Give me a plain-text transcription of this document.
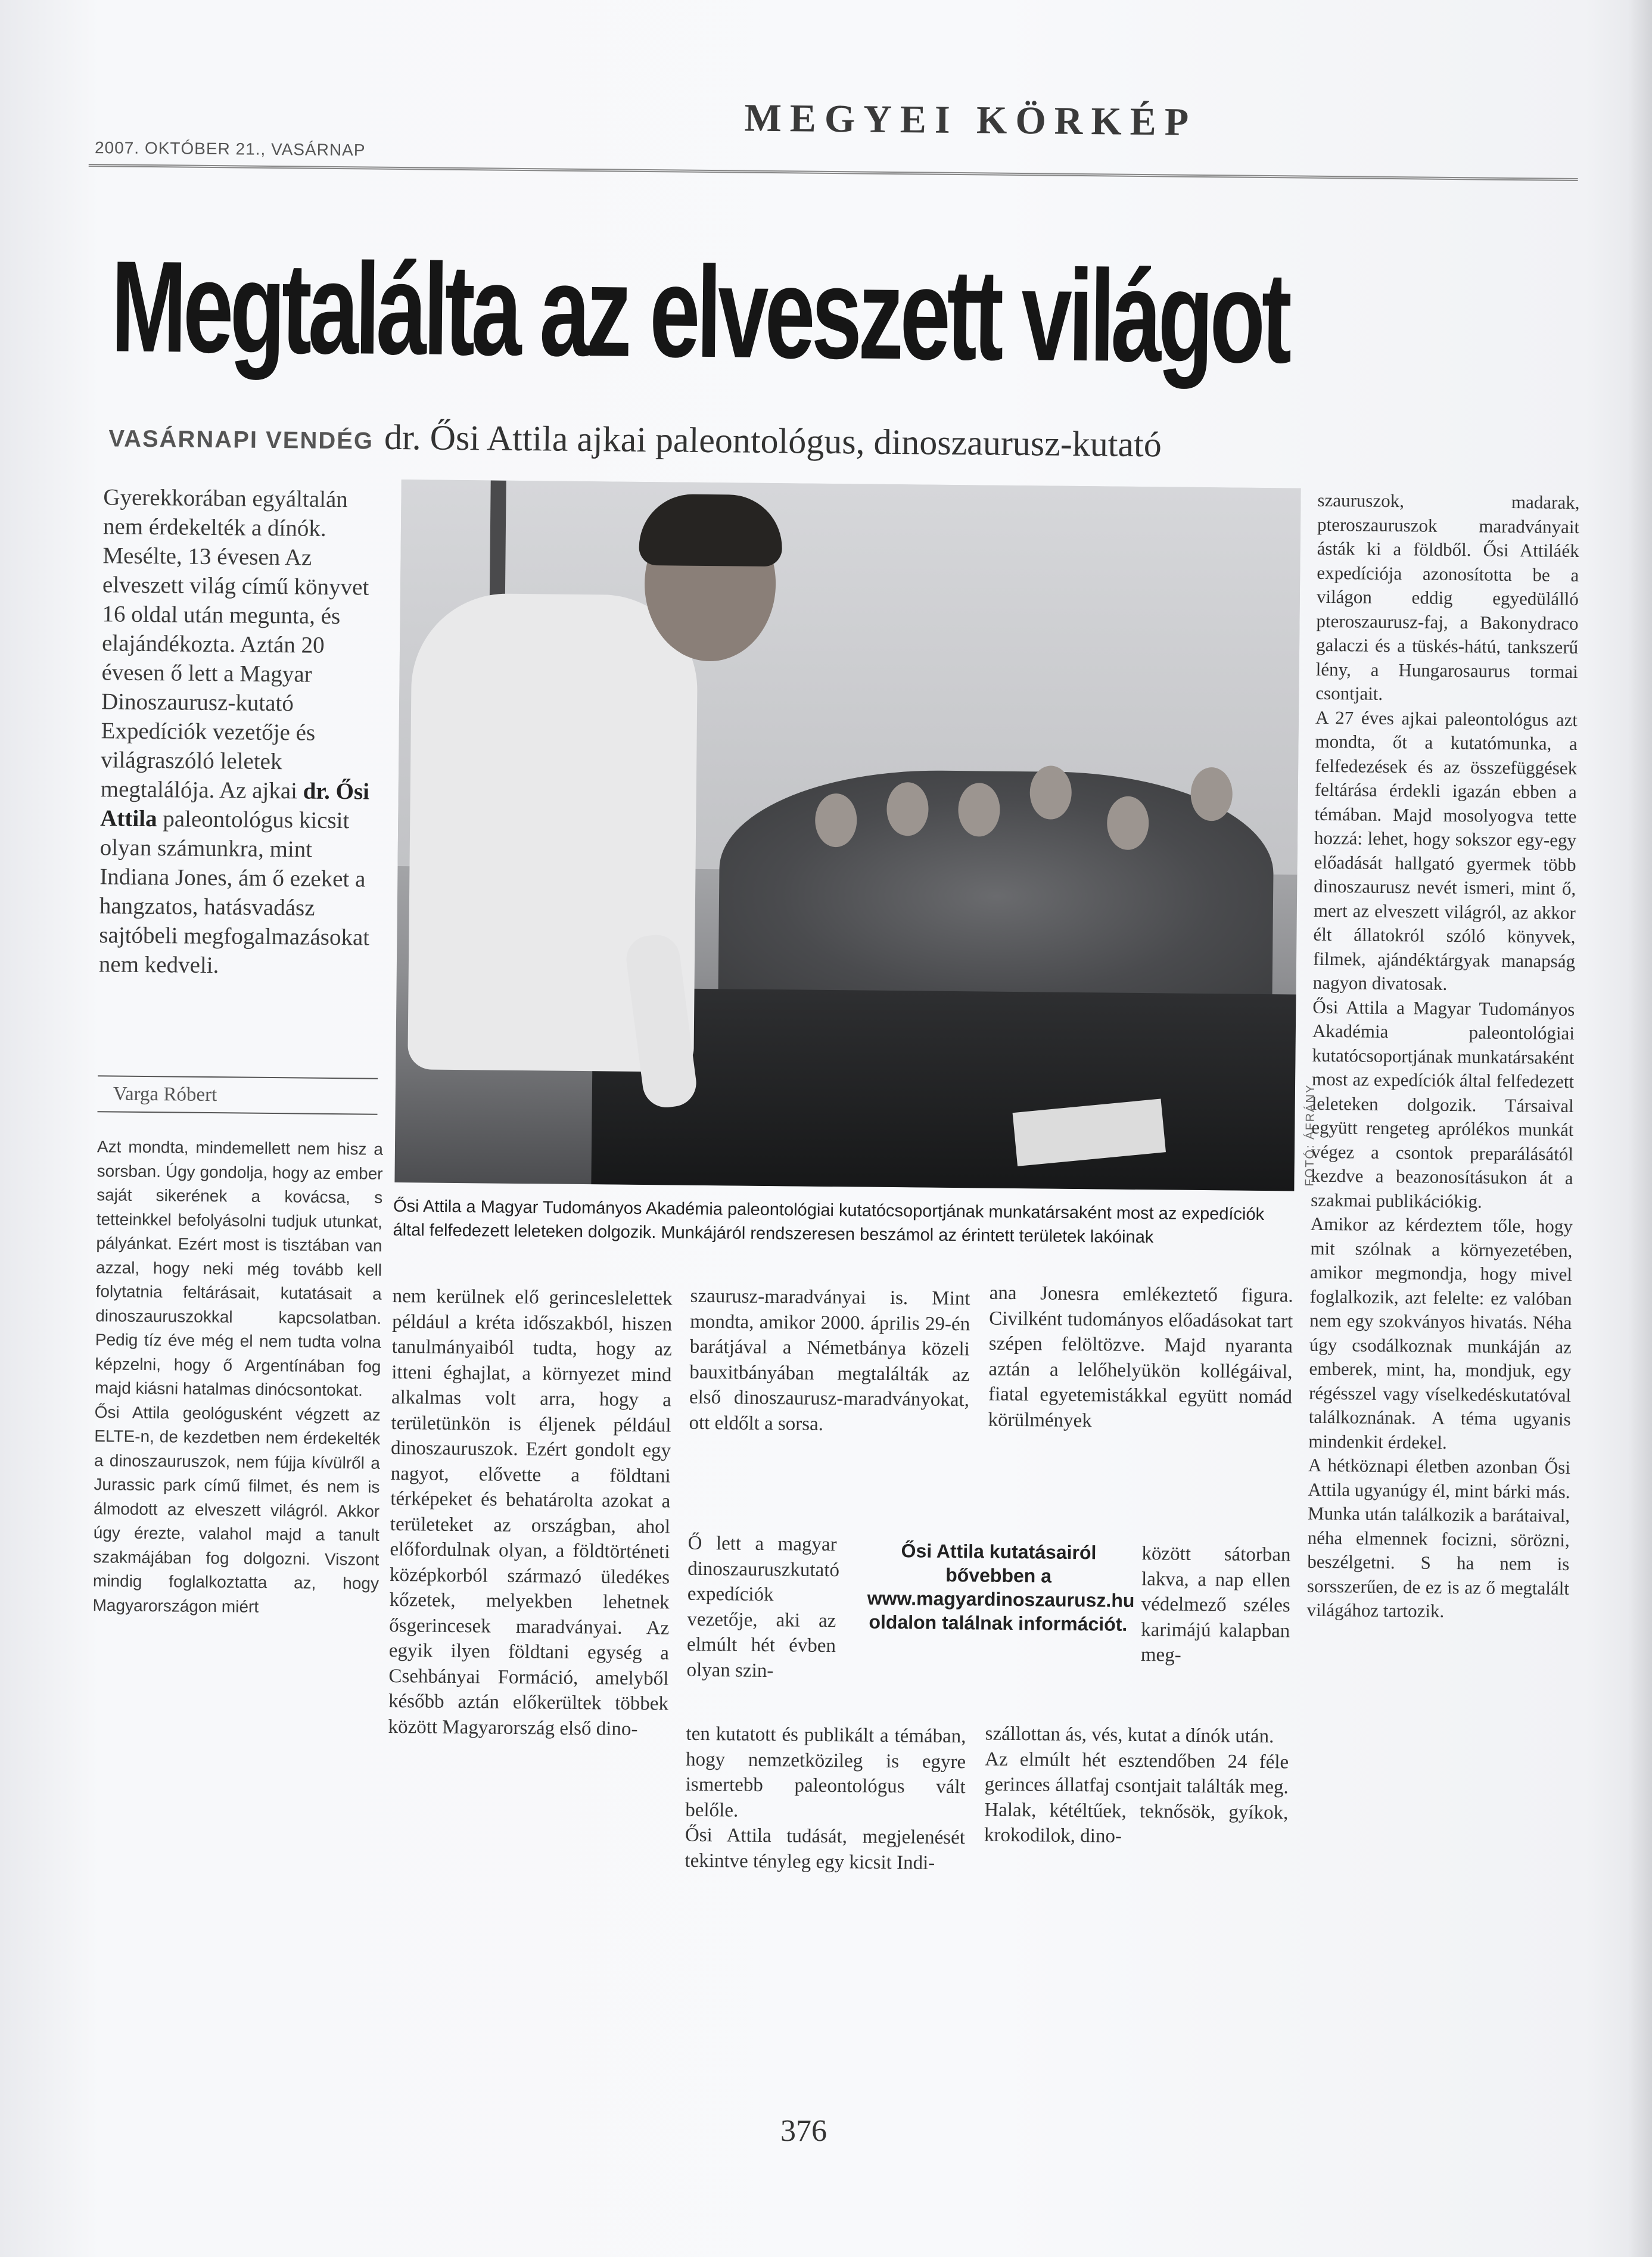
2007. OKTÓBER 21., VASÁRNAP
MEGYEI KÖRKÉP
Megtalálta az elveszett világot
VASÁRNAPI VENDÉG dr. Ősi Attila ajkai paleontológus, dinoszaurusz-kutató
Gyerekkorában egyáltalán nem érdekelték a dínók. Mesélte, 13 évesen Az elveszett világ című könyvet 16 oldal után megunta, és elajándékozta. Aztán 20 évesen ő lett a Magyar Dinoszaurusz-kutató Expedíciók vezetője és világraszóló leletek megtalálója. Az ajkai dr. Ősi Attila paleontológus kicsit olyan számunkra, mint Indiana Jones, ám ő ezeket a hangzatos, hatásvadász sajtóbeli megfogalmazásokat nem kedveli.
Varga Róbert	FOTÓ: ÁFRÁNY
Ősi Attila a Magyar Tudományos Akadémia paleontológiai kutatócsoportjának munkatársaként most az expedíciók által felfedezett leleteken dolgozik. Munkájáról rendszeresen beszámol az érintett területek lakóinak

Azt mondta, mindemellett nem hisz a sorsban. Úgy gondolja, hogy az ember saját sikerének a kovácsa, s tetteinkkel befolyásolni tudjuk utunkat, pályánkat. Ezért most is tisztában van azzal, hogy neki még tovább kell folytatnia feltárásait, kutatásait a dinoszauruszokkal kapcsolatban. Pedig tíz éve még el nem tudta volna képzelni, hogy ő Argentínában fog majd kiásni hatalmas dinócsontokat.

Ősi Attila geológusként végzett az ELTE-n, de kezdetben nem érdekelték a dinoszauruszok, nem fújja kívülről a Jurassic park című filmet, és nem is álmodott az elveszett világról. Akkor úgy érezte, valahol majd a tanult szakmájában fog dolgozni. Viszont mindig foglalkoztatta az, hogy Magyarországon miért

nem kerülnek elő gerinceslelettek például a kréta időszakból, hiszen tanulmányaiból tudta, hogy az itteni éghajlat, a környezet mind alkalmas volt arra, hogy a területünkön is éljenek például dinoszauruszok. Ezért gondolt egy nagyot, elővette a földtani térképeket és behatárolta azokat a területeket az országban, ahol előfordulnak olyan, a földtörténeti középkorból származó üledékes kőzetek, melyekben lehetnek ősgerincesek maradványai. Az egyik ilyen földtani egység a Csehbányai Formáció, amelyből később aztán előkerültek többek között Magyarország első dino-

szaurusz-maradványai is. Mint mondta, amikor 2000. április 29-én barátjával a Németbánya közeli bauxitbányában megtalálták az első dinoszaurusz-maradványokat, ott eldőlt a sorsa.

Ő lett a magyar dinoszauruszkutató expedíciók vezetője, aki az elmúlt hét évben olyan szin-

ten kutatott és publikált a témában, hogy nemzetközileg is egyre ismertebb paleontológus vált belőle.

Ősi Attila tudását, megjelenését tekintve tényleg egy kicsit Indi-

Ősi Attila kutatásairól bővebben a www.magyardinoszaurusz.hu oldalon találnak információt.

ana Jonesra emlékeztető figura. Civilként tudományos előadásokat tart szépen felöltözve. Majd nyaranta aztán a lelőhelyükön kollégáival, fiatal egyetemistákkal együtt nomád körülmények

között sátorban lakva, a nap ellen védelmező széles karimájú kalapban meg-

szállottan ás, vés, kutat a dínók után.

Az elmúlt hét esztendőben 24 féle gerinces állatfaj csontjait találták meg. Halak, kétéltűek, teknősök, gyíkok, krokodilok, dino-

szauruszok, madarak, pteroszauruszok maradványait ásták ki a földből. Ősi Attiláék expedíciója azonosította be a világon eddig egyedülálló pteroszaurusz-faj, a Bakonydraco galaczi és a tüskés-hátú, tankszerű lény, a Hungarosaurus tormai csontjait.

A 27 éves ajkai paleontológus azt mondta, őt a kutatómunka, a felfedezések és az összefüggések feltárása érdekli igazán ebben a témában. Majd mosolyogva tette hozzá: lehet, hogy sokszor egy-egy előadását hallgató gyermek több dinoszaurusz nevét ismeri, mint ő, mert az elveszett világról, az akkor élt állatokról szóló könyvek, filmek, ajándéktárgyak manapság nagyon divatosak.

Ősi Attila a Magyar Tudományos Akadémia paleontológiai kutatócsoportjának munkatársaként most az expedíciók által felfedezett leleteken dolgozik. Társaival együtt rengeteg aprólékos munkát végez a csontok preparálásától kezdve a beazonosításukon át a szakmai publikációkig.

Amikor az kérdeztem tőle, hogy mit szólnak a környezetében, amikor megmondja, hogy mivel foglalkozik, azt felelte: ez valóban nem egy szokványos hivatás. Néha úgy csodálkoznak munkáján az emberek, mint, ha, mondjuk, egy régésszel vagy víselkedéskutatóval találkoznának. A téma ugyanis mindenkit érdekel.

A hétköznapi életben azonban Ősi Attila ugyanúgy él, mint bárki más. Munka után találkozik a barátaival, néha elmennek focizni, sörözni, beszélgetni. S ha nem is sorsszerűen, de ez is az ő megtalált világához tartozik.

376
